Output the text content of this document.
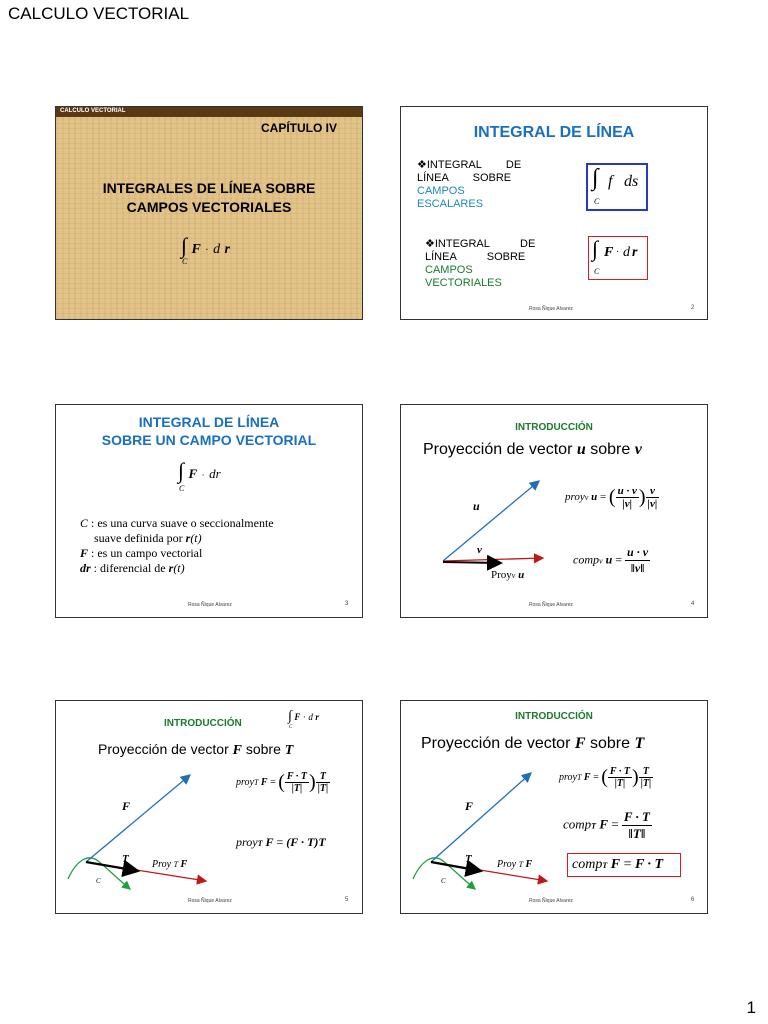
CALCULO VECTORIAL
CALCULO VECTORIAL
CAPÍTULO IV
INTEGRALES DE LÍNEA SOBRE
CAMPOS VECTORIALES
∫ F · d r
C
INTEGRAL DE LÍNEA
❖INTEGRAL        DE
LÍNEA        SOBRE
CAMPOS
ESCALARES
∫ f ds
C
❖INTEGRAL          DE
LÍNEA          SOBRE
CAMPOS
VECTORIALES
∫ F · d r
C
Rosa Ñique Alvarez	2
INTEGRAL DE LÍNEA
SOBRE UN CAMPO VECTORIAL
∫ F · dr
C
C : es una curva suave o seccionalmente
suave definida por r(t)
F : es un campo vectorial
dr : diferencial de r(t)
Rosa Ñique Alvarez	3
INTRODUCCIÓN
Proyección de vector u sobre v
u
v
Proyv u
proyv u = ( $\frac{u \cdot v}{|v|}$ ) $\frac{v}{|v|}$
compv $u = \frac{u \cdot v}{‖v‖}$
Rosa Ñique Alvarez	4
INTRODUCCIÓN	∫ F · d r
C
Proyección de vector F sobre T
F
T
C
Proy T F
proyT F = ( $\frac{F \cdot T}{|T|}$ ) $\frac{T}{|T|}$
proyT F = (F · T)T
Rosa Ñique Alvarez	5
INTRODUCCIÓN
Proyección de vector F sobre T
F
T
C
Proy T F
proyT F = ( $\frac{F \cdot T}{|T|}$ ) $\frac{T}{|T|}$
compT $F = \frac{F \cdot T}{‖T‖}$
compT F = F · T
Rosa Ñique Alvarez	6
1
